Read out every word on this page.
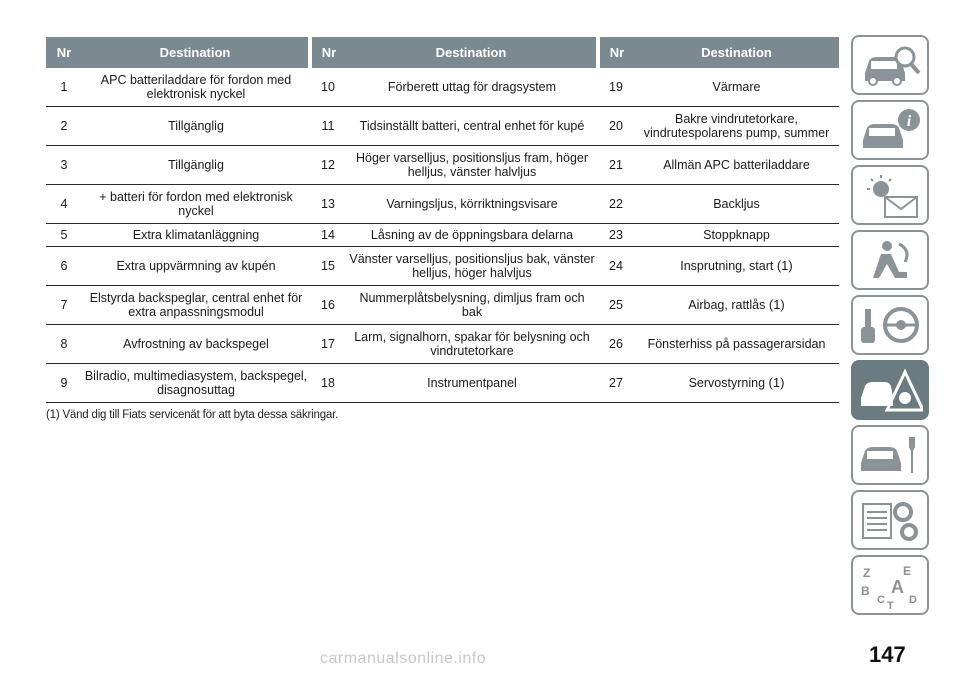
Nr	Destination	Nr	Destination	Nr	Destination
1	APC batteriladdare för fordon med elektronisk nyckel	10	Förberett uttag för dragsystem	19	Värmare
2	Tillgänglig	11	Tidsinställt batteri, central enhet för kupé	20	Bakre vindrutetorkare, vindrutespolarens pump, summer
3	Tillgänglig	12	Höger varselljus, positionsljus fram, höger helljus, vänster halvljus	21	Allmän APC batteriladdare
4	+ batteri för fordon med elektronisk nyckel	13	Varningsljus, körriktningsvisare	22	Backljus
5	Extra klimatanläggning	14	Låsning av de öppningsbara delarna	23	Stoppknapp
6	Extra uppvärmning av kupén	15	Vänster varselljus, positionsljus bak, vänster helljus, höger halvljus	24	Insprutning, start (1)
7	Elstyrda backspeglar, central enhet för extra anpassningsmodul	16	Nummerplåtsbelysning, dimljus fram och bak	25	Airbag, rattlås (1)
8	Avfrostning av backspegel	17	Larm, signalhorn, spakar för belysning och vindrutetorkare	26	Fönsterhiss på passagerarsidan
9	Bilradio, multimediasystem, backspegel, disagnosuttag	18	Instrumentpanel	27	Servostyrning (1)
(1) Vänd dig till Fiats servicenät för att byta dessa säkringar.
i
Z	E
B A
C D
T
147
carmanualsonline.info
